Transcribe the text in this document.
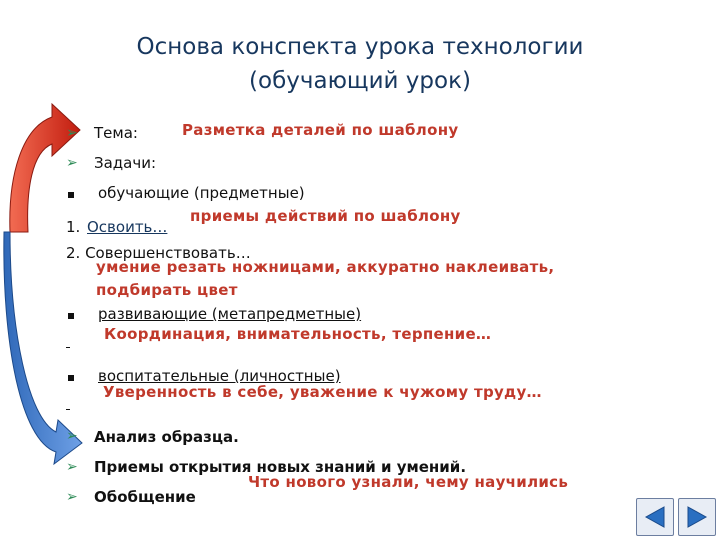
Основа конспекта урока технологии
(обучающий урок)
➢ Тема:	Разметка деталей по шаблону

➢ Задачи:

обучающие (предметные)

1. Освоить…

приемы действий по шаблону

2. Совершенствовать…

умение резать ножницами, аккуратно наклеивать,

подбирать цвет

развивающие (метапредметные)

Координация, внимательность, терпение…

воспитательные (личностные)

Уверенность в себе, уважение к чужому труду…

➢ Анализ образца.

➢ Приемы открытия новых знаний и умений.

Что нового узнали, чему научились

➢ Обобщение
